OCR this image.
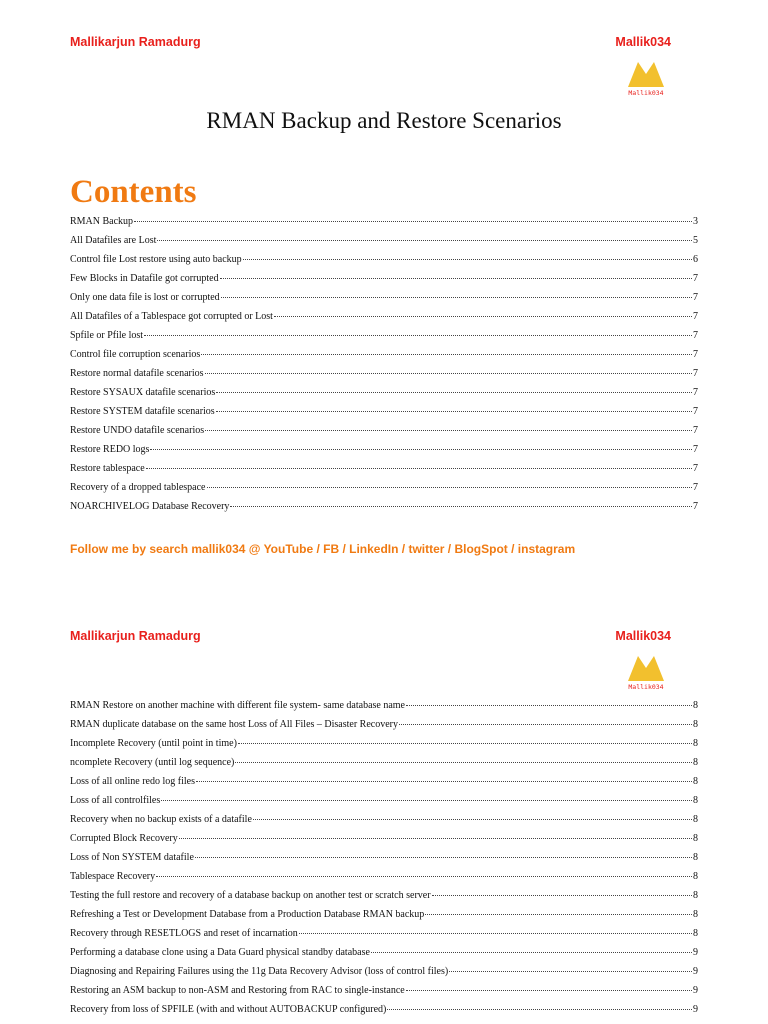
Mallikarjun Ramadurg	Mallik034
Mallik034
RMAN Backup and Restore Scenarios
Contents
RMAN Backup	3
All Datafiles are Lost	5
Control file Lost restore using auto backup	6
Few Blocks in Datafile got corrupted	7
Only one data file is lost or corrupted	7
All Datafiles of a Tablespace got corrupted or Lost	7
Spfile or Pfile lost	7
Control file corruption scenarios	7
Restore normal datafile scenarios	7
Restore SYSAUX datafile scenarios	7
Restore SYSTEM datafile scenarios	7
Restore UNDO datafile scenarios	7
Restore REDO logs	7
Restore tablespace	7
Recovery of a dropped tablespace	7
NOARCHIVELOG Database Recovery	7
Follow me by search mallik034 @ YouTube / FB / LinkedIn / twitter / BlogSpot / instagram
Mallikarjun Ramadurg	Mallik034
Mallik034
RMAN Restore on another machine with different file system- same database name	8
RMAN duplicate database on the same host Loss of All Files – Disaster Recovery	8
Incomplete Recovery (until point in time)	8
ncomplete Recovery (until log sequence)	8
Loss of all online redo log files	8
Loss of all controlfiles	8
Recovery when no backup exists of a datafile	8
Corrupted Block Recovery	8
Loss of Non SYSTEM datafile	8
Tablespace Recovery	8
Testing the full restore and recovery of a database backup on another test or scratch server	8
Refreshing a Test or Development Database from a Production Database RMAN backup	8
Recovery through RESETLOGS and reset of incarnation	8
Performing a database clone using a Data Guard physical standby database	9
Diagnosing and Repairing Failures using the 11g Data Recovery Advisor (loss of control files)	9
Restoring an ASM backup to non-ASM and Restoring from RAC to single-instance	9
Recovery from loss of SPFILE (with and without AUTOBACKUP configured)	9
